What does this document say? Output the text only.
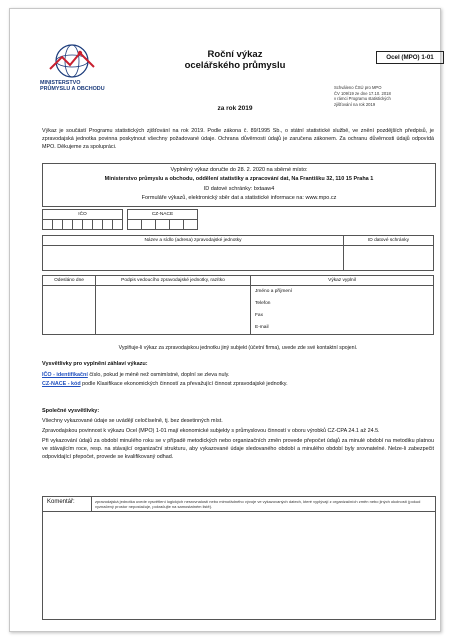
MINISTERSTVO
PRŮMYSLU A OBCHODU
Roční výkaz
ocelářského průmyslu
za rok 2019
Ocel (MPO) 1-01
Schváleno ČSÚ pro MPO
ČV 109/19 ze dne 17.10. 2018
v rámci Programu statistických
zjišťování na rok 2019
Výkaz je součástí Programu statistických zjišťování na rok 2019. Podle zákona č. 89/1995 Sb., o státní statistické službě, ve znění pozdějších předpisů, je zpravodajská jednotka povinna poskytnout všechny požadované údaje. Ochrana důvěrnosti údajů je zaručena zákonem. Za ochranu důvěrnosti údajů odpovídá MPO. Děkujeme za spolupráci.
Vyplněný výkaz doručte do 28. 2. 2020 na sběrné místo:
Ministerstvo průmyslu a obchodu, oddělení statistiky a zpracování dat, Na Františku 32, 110 15 Praha 1
ID datové schránky: bxtaaw4
Formuláře výkazů, elektronický sběr dat a statistické informace na: www.mpo.cz
IČO									CZ-NACE				

Název a sídlo (adresa) zpravodajské jednotky	ID datové schránky

Odesláno dne	Podpis vedoucího zpravodajské jednotky, razítko	Výkaz vyplnil
		Jméno a příjmení
		Telefon
		Fax
		E-mail
Vyplňuje-li výkaz za zpravodajskou jednotku jiný subjekt (účetní firma), uvede zde své kontaktní spojení.
Vysvětlivky pro vyplnění záhlaví výkazu:
IČO - identifikační číslo, pokud je méně než osmimístné, doplní se zleva nuly.
CZ-NACE - kód podle Klasifikace ekonomických činností za převažující činnost zpravodajské jednotky.
Společné vysvětlivky:
Všechny vykazované údaje se uvádějí celočíselně, tj. bez desetinných míst.
Zpravodajskou povinnost k výkazu Ocel (MPO) 1-01 mají ekonomické subjekty s průmyslovou činností v oboru výrobků CZ-CPA 24.1 až 24.5.
Při vykazování údajů za období minulého roku se v případě metodických nebo organizačních změn provede přepočet údajů za minulé období na metodiku platnou ve stávajícím roce, resp. na stávající organizační strukturu, aby vykazované údaje sledovaného období a minulého období byly srovnatelné. Nelze-li zabezpečit odpovídající přepočet, provede se kvalifikovaný odhad.
Komentář:	zpravodajská jednotka uvede vysvětlení logických nesrovnalostí nebo mimořádného vývoje ve vykazovaných datech, které vyplývají z organizačních změn nebo jiných okolností (pokud vyznačený prostor nepostačuje, pokračujte na samostatném listě).
